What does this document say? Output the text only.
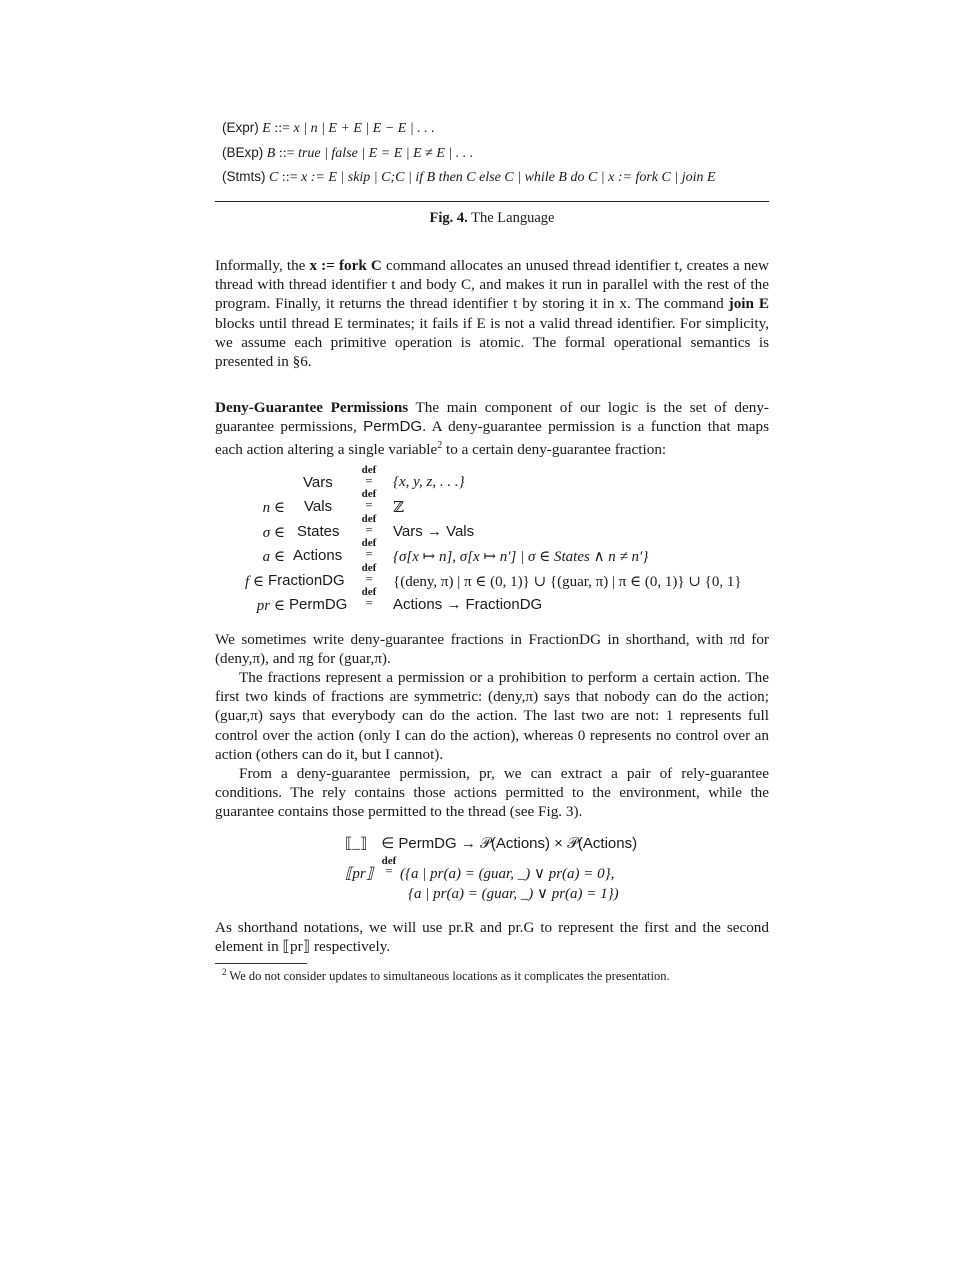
(Expr) E ::= x | n | E + E | E − E | . . .
(BExp) B ::= true | false | E = E | E ≠ E | . . .
(Stmts) C ::= x := E | skip | C;C | if B then C else C | while B do C | x := fork C | join E
Fig. 4. The Language
Informally, the x := fork C command allocates an unused thread identifier t, creates a new thread with thread identifier t and body C, and makes it run in parallel with the rest of the program. Finally, it returns the thread identifier t by storing it in x. The command join E blocks until thread E terminates; it fails if E is not a valid thread identifier. For simplicity, we assume each primitive operation is atomic. The formal operational semantics is presented in §6.
Deny-Guarantee Permissions The main component of our logic is the set of deny-guarantee permissions, PermDG. A deny-guarantee permission is a function that maps each action altering a single variable$^2$ to a certain deny-guarantee fraction:
Vars
def
= {x, y, z, . . .}
n ∈ Vals
def
= ℤ
σ ∈ States
def
= Vars → Vals
a ∈ Actions
def
= {σ[x ↦ n], σ[x ↦ n′] | σ ∈ States ∧ n ≠ n′}
f ∈ FractionDG
def
= {(deny, π) | π ∈ (0, 1)} ∪ {(guar, π) | π ∈ (0, 1)} ∪ {0, 1}
pr ∈ PermDG
def
= Actions → FractionDG
We sometimes write deny-guarantee fractions in FractionDG in shorthand, with πd for (deny,π), and πg for (guar,π).
The fractions represent a permission or a prohibition to perform a certain action. The first two kinds of fractions are symmetric: (deny,π) says that nobody can do the action; (guar,π) says that everybody can do the action. The last two are not: 1 represents full control over the action (only I can do the action), whereas 0 represents no control over an action (others can do it, but I cannot).
From a deny-guarantee permission, pr, we can extract a pair of rely-guarantee conditions. The rely contains those actions permitted to the environment, while the guarantee contains those permitted to the thread (see Fig. 3).
⟦_⟧ ∈ PermDG → 𝒫(Actions) × 𝒫(Actions)
⟦pr⟧
def
= ({a | pr(a) = (guar, _) ∨ pr(a) = 0},
{a | pr(a) = (guar, _) ∨ pr(a) = 1})
As shorthand notations, we will use pr.R and pr.G to represent the first and the second element in ⟦pr⟧ respectively.
$^2$ We do not consider updates to simultaneous locations as it complicates the presentation.
